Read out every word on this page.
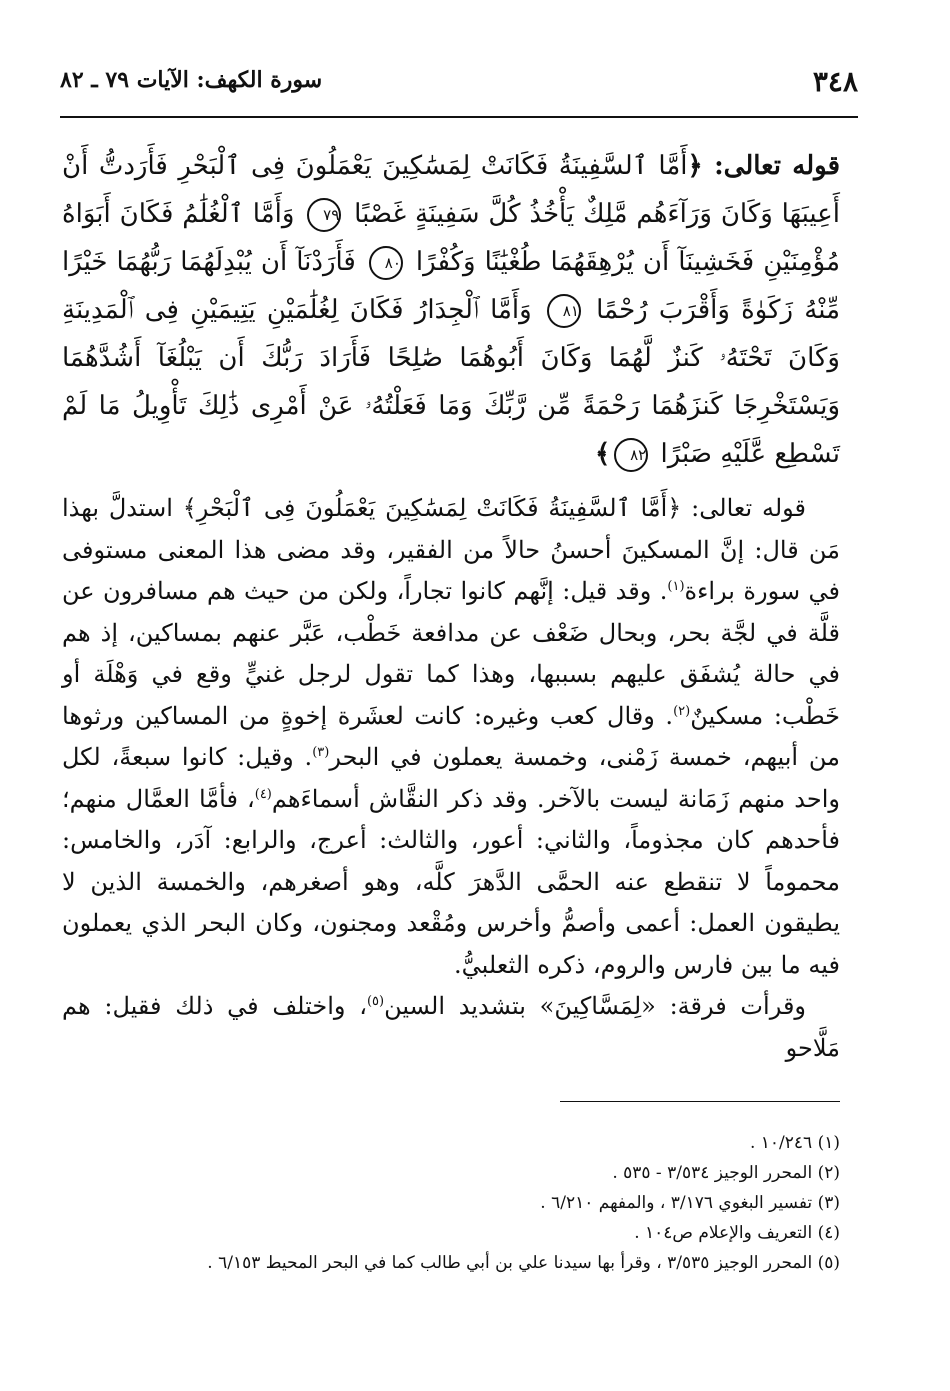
٣٤٨
سورة الكهف: الآيات ٧٩ ـ ٨٢

قوله تعالى: ﴿أَمَّا ٱلسَّفِينَةُ فَكَانَتْ لِمَسَٰكِينَ يَعْمَلُونَ فِى ٱلْبَحْرِ فَأَرَدتُّ أَنْ أَعِيبَهَا وَكَانَ وَرَآءَهُم مَّلِكٌ يَأْخُذُ كُلَّ سَفِينَةٍ غَصْبًا ٧٩ وَأَمَّا ٱلْغُلَٰمُ فَكَانَ أَبَوَاهُ مُؤْمِنَيْنِ فَخَشِينَآ أَن يُرْهِقَهُمَا طُغْيَٰنًا وَكُفْرًا ٨٠ فَأَرَدْنَآ أَن يُبْدِلَهُمَا رَبُّهُمَا خَيْرًا مِّنْهُ زَكَوٰةً وَأَقْرَبَ رُحْمًا ٨١ وَأَمَّا ٱلْجِدَارُ فَكَانَ لِغُلَٰمَيْنِ يَتِيمَيْنِ فِى ٱلْمَدِينَةِ وَكَانَ تَحْتَهُۥ كَنزٌ لَّهُمَا وَكَانَ أَبُوهُمَا صَٰلِحًا فَأَرَادَ رَبُّكَ أَن يَبْلُغَآ أَشُدَّهُمَا وَيَسْتَخْرِجَا كَنزَهُمَا رَحْمَةً مِّن رَّبِّكَ وَمَا فَعَلْتُهُۥ عَنْ أَمْرِى ذَٰلِكَ تَأْوِيلُ مَا لَمْ تَسْطِع عَّلَيْهِ صَبْرًا ٨٢﴾

قوله تعالى: ﴿أَمَّا ٱلسَّفِينَةُ فَكَانَتْ لِمَسَٰكِينَ يَعْمَلُونَ فِى ٱلْبَحْرِ﴾ استدلَّ بهذا مَن قال: إنَّ المسكينَ أحسنُ حالاً من الفقير، وقد مضى هذا المعنى مستوفى في سورة براءة$^{(١)}$. وقد قيل: إنَّهم كانوا تجاراً، ولكن من حيث هم مسافرون عن قلَّة في لجَّة بحر، وبحال ضَعْف عن مدافعة خَطْب، عَبَّر عنهم بمساكين، إذ هم في حالة يُشفَق عليهم بسببها، وهذا كما تقول لرجل غنيٍّ وقع في وَهْلَة أو خَطْب: مسكينٌ$^{(٢)}$. وقال كعب وغيره: كانت لعشَرة إخوةٍ من المساكين ورثوها من أبيهم، خمسة زَمْنى، وخمسة يعملون في البحر$^{(٣)}$. وقيل: كانوا سبعةً، لكل واحد منهم زَمَانة ليست بالآخر. وقد ذكر النقَّاش أسماءَهم$^{(٤)}$، فأمَّا العمَّال منهم؛ فأحدهم كان مجذوماً، والثاني: أعور، والثالث: أعرج، والرابع: آدَر، والخامس: محموماً لا تنقطع عنه الحمَّى الدَّهرَ كلَّه، وهو أصغرهم، والخمسة الذين لا يطيقون العمل: أعمى وأصمُّ وأخرس ومُقْعد ومجنون، وكان البحر الذي يعملون فيه ما بين فارس والروم، ذكره الثعلبيُّ.

وقرأت فرقة: «لِمَسَّاكِينَ» بتشديد السين$^{(٥)}$، واختلف في ذلك فقيل: هم مَلَّاحو

(١) ١٠/٢٤٦ .
(٢) المحرر الوجيز ٣/٥٣٤ - ٥٣٥ .
(٣) تفسير البغوي ٣/١٧٦ ، والمفهم ٦/٢١٠ .
(٤) التعريف والإعلام ص١٠٤ .
(٥) المحرر الوجيز ٣/٥٣٥ ، وقرأ بها سيدنا علي بن أبي طالب كما في البحر المحيط ٦/١٥٣ .
